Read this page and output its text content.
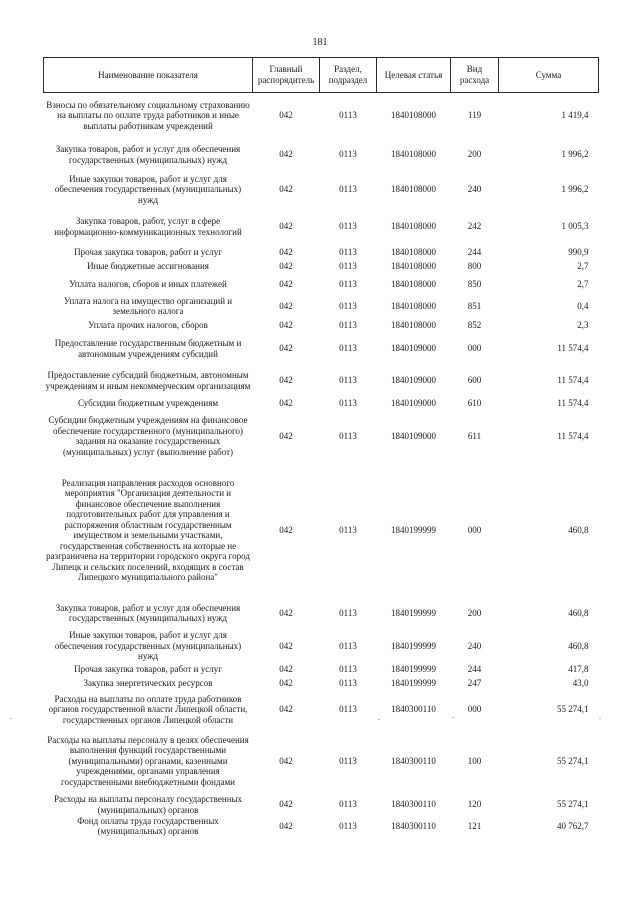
181
Наименование показателя	Главный распорядитель	Раздел, подраздел	Целевая статья	Вид расхода	Сумма
Взносы по обязательному социальному страхованию на выплаты по оплате труда работников и иные выплаты работникам учреждений	042	0113	1840108000	119	1 419,4
Закупка товаров, работ и услуг для обеспечения государственных (муниципальных) нужд	042	0113	1840108000	200	1 996,2
Иные закупки товаров, работ и услуг для обеспечения государственных (муниципальных) нужд	042	0113	1840108000	240	1 996,2
Закупка товаров, работ, услуг в сфере информационно-коммуникационных технологий	042	0113	1840108000	242	1 005,3
Прочая закупка товаров, работ и услуг	042	0113	1840108000	244	990,9
Иные бюджетные ассигнования	042	0113	1840108000	800	2,7
Уплата налогов, сборов и иных платежей	042	0113	1840108000	850	2,7
Уплата налога на имущество организаций и земельного налога	042	0113	1840108000	851	0,4
Уплата прочих налогов, сборов	042	0113	1840108000	852	2,3
Предоставление государственным бюджетным и автономным учреждениям субсидий	042	0113	1840109000	000	11 574,4
Предоставление субсидий бюджетным, автономным учреждениям и иным некоммерческим организациям	042	0113	1840109000	600	11 574,4
Субсидии бюджетным учреждениям	042	0113	1840109000	610	11 574,4
Субсидии бюджетным учреждениям на финансовое обеспечение государственного (муниципального) задания на оказание государственных (муниципальных) услуг (выполнение работ)	042	0113	1840109000	611	11 574,4
Реализация направления расходов основного мероприятия "Организация деятельности и финансовое обеспечение выполнения подготовительных работ для управления и распоряжения областным государственным имуществом и земельными участками, государственная собственность на которые не разграничена на территории городского округа город Липецк и сельских поселений, входящих в состав Липецкого муниципального района"	042	0113	1840199999	000	460,8
Закупка товаров, работ и услуг для обеспечения государственных (муниципальных) нужд	042	0113	1840199999	200	460,8
Иные закупки товаров, работ и услуг для обеспечения государственных (муниципальных) нужд	042	0113	1840199999	240	460,8
Прочая закупка товаров, работ и услуг	042	0113	1840199999	244	417,8
Закупка энергетических ресурсов	042	0113	1840199999	247	43,0
Расходы на выплаты по оплате труда работников органов государственной власти Липецкой области, государственных органов Липецкой области	042	0113	1840300110	000	55 274,1
Расходы на выплаты персоналу в целях обеспечения выполнения функций государственными (муниципальными) органами, казенными учреждениями, органами управления государственными внебюджетными фондами	042	0113	1840300110	100	55 274,1
Расходы на выплаты персоналу государственных (муниципальных) органов	042	0113	1840300110	120	55 274,1
Фонд оплаты труда государственных (муниципальных) органов	042	0113	1840300110	121	40 762,7
